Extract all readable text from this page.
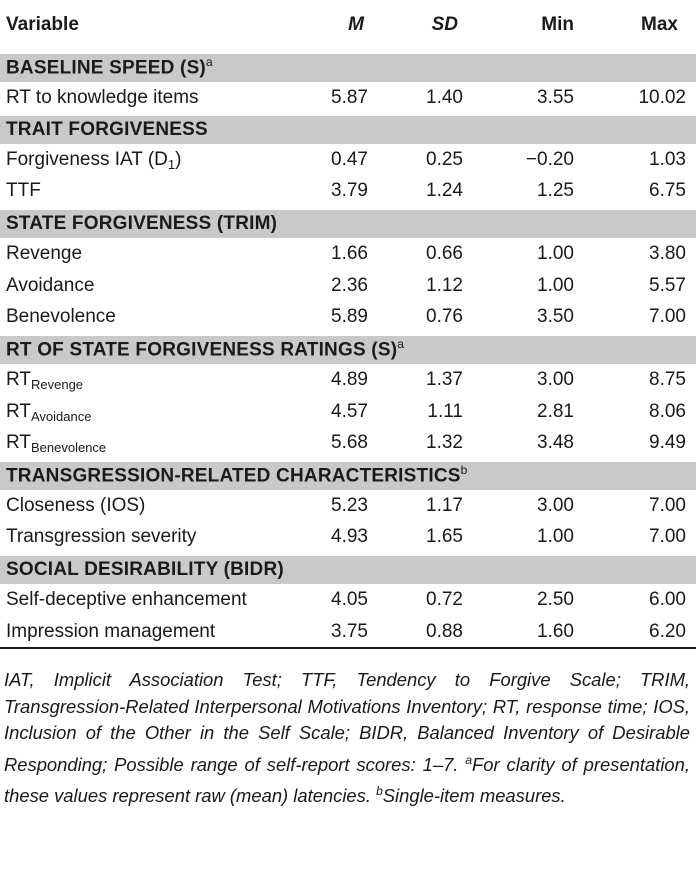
Variable	M	SD	Min	Max
BASELINE SPEED $(S)^a$
RT to knowledge items	5.87	1.40	3.55	10.02
TRAIT FORGIVENESS				
Forgiveness IAT $(D_1)$	0.47	0.25	−0.20	1.03
TTF	3.79	1.24	1.25	6.75
STATE FORGIVENESS (TRIM)				
Revenge	1.66	0.66	1.00	3.80
Avoidance	2.36	1.12	1.00	5.57
Benevolence	5.89	0.76	3.50	7.00
RT OF STATE FORGIVENESS RATINGS $(S)^a$
$RT_{Revenge}$	4.89	1.37	3.00	8.75
$RT_{Avoidance}$	4.57	1.11	2.81	8.06
$RT_{Benevolence}$	5.68	1.32	3.48	9.49
TRANSGRESSION-RELATED CHARACTERISTICS$^b$
Closeness (IOS)	5.23	1.17	3.00	7.00
Transgression severity	4.93	1.65	1.00	7.00
SOCIAL DESIRABILITY (BIDR)				
Self-deceptive enhancement	4.05	0.72	2.50	6.00
Impression management	3.75	0.88	1.60	6.20
IAT, Implicit Association Test; TTF, Tendency to Forgive Scale; TRIM, Transgression-Related Interpersonal Motivations Inventory; RT, response time; IOS, Inclusion of the Other in the Self Scale; BIDR, Balanced Inventory of Desirable Responding; Possible range of self-report scores: 1–7. $^a$For clarity of presentation, these values represent raw (mean) latencies. $^b$Single-item measures.
